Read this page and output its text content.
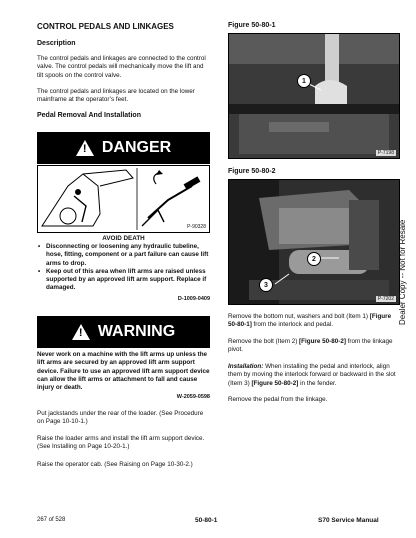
CONTROL PEDALS AND LINKAGES
Description
The control pedals and linkages are connected to the control valve. The control pedals will mechanically move the lift and tilt spools on the control valve.
The control pedals and linkages are located on the lower mainframe at the operator’s feet.
Pedal Removal And Installation
! DANGER
P-90328
AVOID DEATH
• Disconnecting or loosening any hydraulic tubeline, hose, fitting, component or a part failure can cause lift arms to drop.
• Keep out of this area when lift arms are raised unless supported by an approved lift arm support. Replace if damaged.
D-1009-0409
! WARNING
Never work on a machine with the lift arms up unless the lift arms are secured by an approved lift arm support device. Failure to use an approved lift arm support device can allow the lift arms or attachment to fall and cause injury or death.
W-2059-0598
Put jackstands under the rear of the loader. (See Procedure on Page 10-10-1.)
Raise the loader arms and install the lift arm support device. (See Installing on Page 10-20-1.)
Raise the operator cab. (See Raising on Page 10-30-2.)
Figure 50-80-1
1
P-7198
Figure 50-80-2
2
3
P-7202
Remove the bottom nut, washers and bolt (Item 1) [Figure 50-80-1] from the interlock and pedal.
Remove the bolt (Item 2) [Figure 50-80-2] from the linkage pivot.
Installation: When installing the pedal and interlock, align them by moving the interlock forward or backward in the slot (Item 3) [Figure 50-80-2] in the fender.
Remove the pedal from the linkage.
Dealer Copy -- Not for Resale
267 of 528	50-80-1	S70 Service Manual
